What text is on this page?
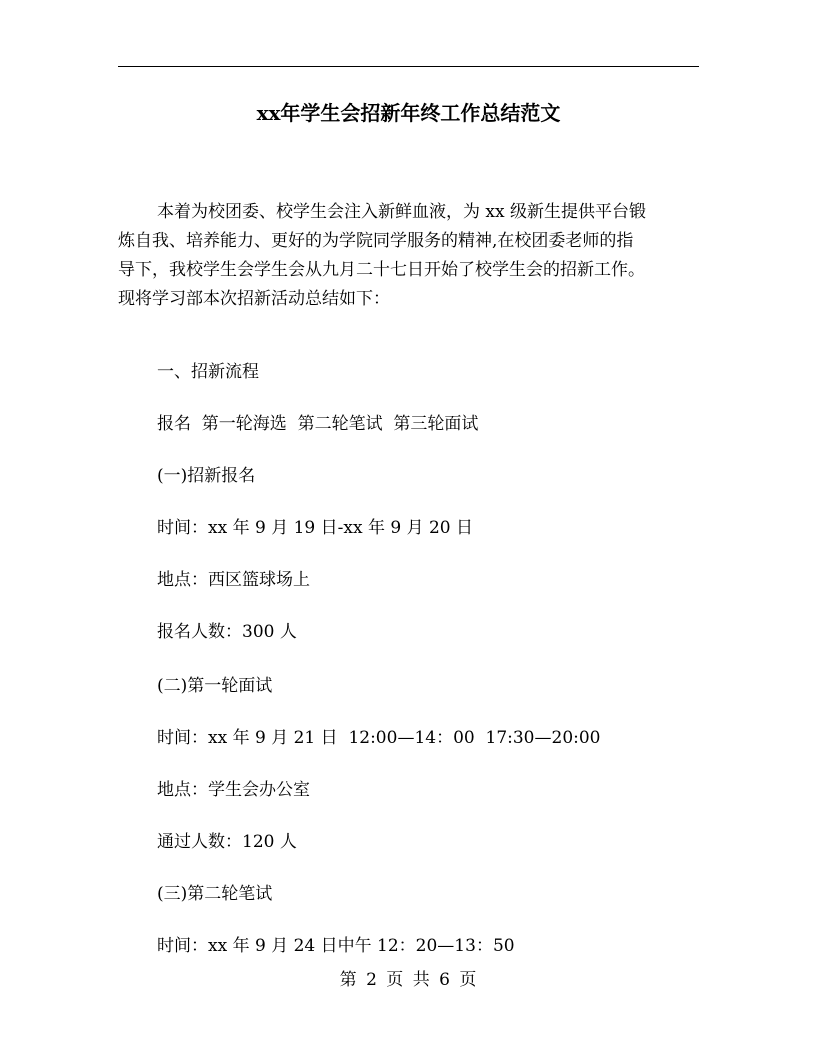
xx年学生会招新年终工作总结范文
本着为校团委、校学生会注入新鲜血液，为 xx 级新生提供平台锻
炼自我、培养能力、更好的为学院同学服务的精神,在校团委老师的指
导下，我校学生会学生会从九月二十七日开始了校学生会的招新工作。
现将学习部本次招新活动总结如下：
一、招新流程
报名  第一轮海选  第二轮笔试  第三轮面试
(一)招新报名
时间：xx 年 9 月 19 日-xx 年 9 月 20 日
地点：西区篮球场上
报名人数：300 人
(二)第一轮面试
时间：xx 年 9 月 21 日  12:00—14：00  17:30—20:00
地点：学生会办公室
通过人数：120 人
(三)第二轮笔试
时间：xx 年 9 月 24 日中午 12：20—13：50
第 2 页 共 6 页
